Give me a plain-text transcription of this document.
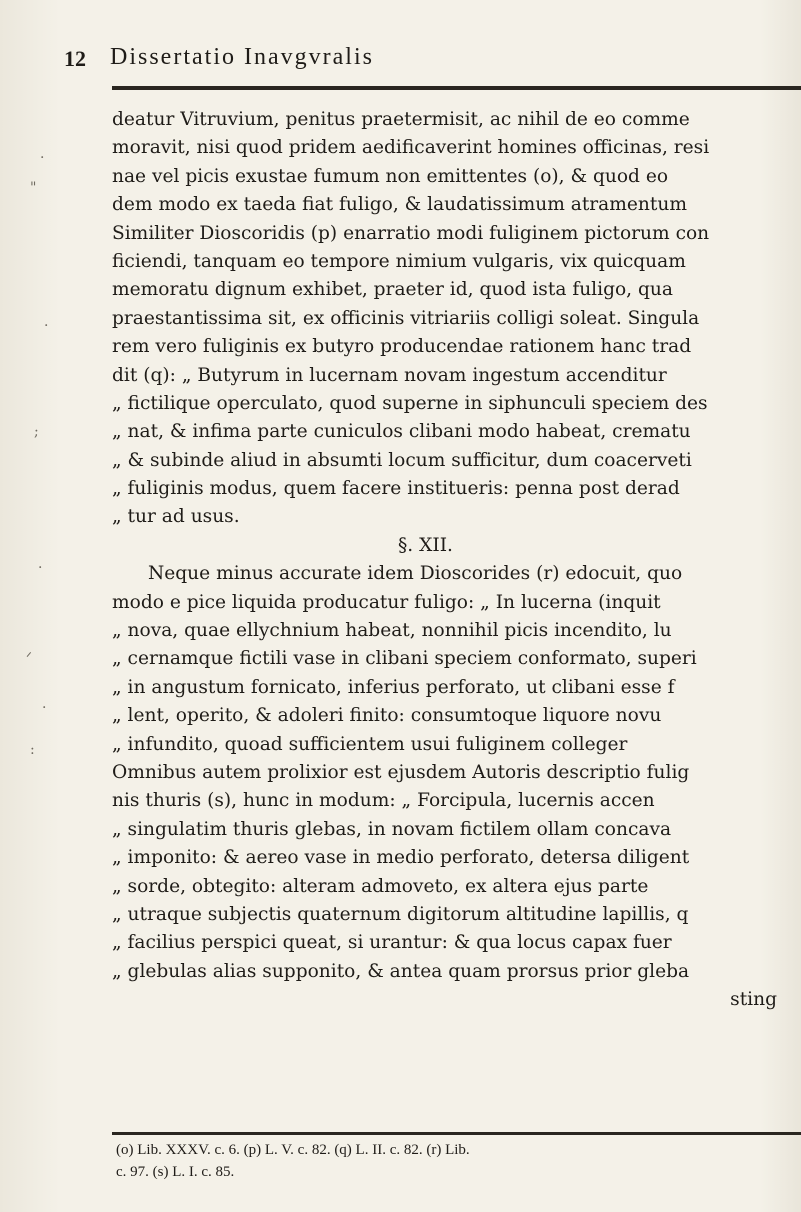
·
"
·
;
·
ᐟ
·
:
12 Dissertatio Inavgvralis
deatur Vitruvium, penitus praetermisit, ac nihil de eo comme
moravit, nisi quod pridem aedificaverint homines officinas, resi
nae vel picis exustae fumum non emittentes (o), & quod eo
dem modo ex taeda fiat fuligo, & laudatissimum atramentum
Similiter Dioscoridis (p) enarratio modi fuliginem pictorum con
ficiendi, tanquam eo tempore nimium vulgaris, vix quicquam
memoratu dignum exhibet, praeter id, quod ista fuligo, qua
praestantissima sit, ex officinis vitriariis colligi soleat. Singula
rem vero fuliginis ex butyro producendae rationem hanc trad
dit (q): „ Butyrum in lucernam novam ingestum accenditur
„ fictilique operculato, quod superne in siphunculi speciem des
„ nat, & infima parte cuniculos clibani modo habeat, crematu
„ & subinde aliud in absumti locum sufficitur, dum coacerveti
„ fuliginis modus, quem facere institueris: penna post derad
„ tur ad usus.
§. XII.
Neque minus accurate idem Dioscorides (r) edocuit, quo
modo e pice liquida producatur fuligo: „ In lucerna (inquit
„ nova, quae ellychnium habeat, nonnihil picis incendito, lu
„ cernamque fictili vase in clibani speciem conformato, superi
„ in angustum fornicato, inferius perforato, ut clibani esse f
„ lent, operito, & adoleri finito: consumtoque liquore novu
„ infundito, quoad sufficientem usui fuliginem colleger
Omnibus autem prolixior est ejusdem Autoris descriptio fulig
nis thuris (s), hunc in modum: „ Forcipula, lucernis accen
„ singulatim thuris glebas, in novam fictilem ollam concava
„ imponito: & aereo vase in medio perforato, detersa diligent
„ sorde, obtegito: alteram admoveto, ex altera ejus parte
„ utraque subjectis quaternum digitorum altitudine lapillis, q
„ facilius perspici queat, si urantur: & qua locus capax fuer
„ glebulas alias supponito, & antea quam prorsus prior gleba
sting
(o) Lib. XXXV. c. 6. (p) L. V. c. 82. (q) L. II. c. 82. (r) Lib.
c. 97. (s) L. I. c. 85.
